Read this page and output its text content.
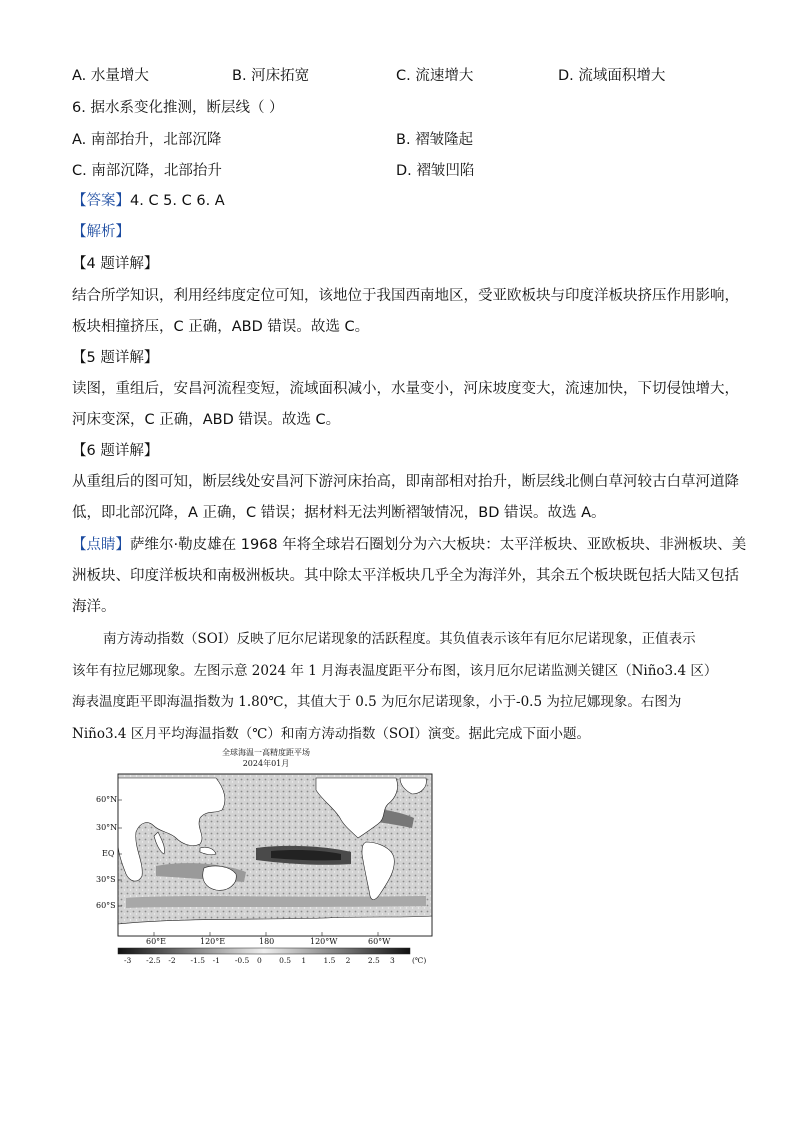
A. 水量增大	B. 河床拓宽	C. 流速增大	D. 流域面积增大
6. 据水系变化推测，断层线（ ）
A. 南部抬升，北部沉降	B. 褶皱隆起
C. 南部沉降，北部抬升	D. 褶皱凹陷
【答案】4. C 5. C 6. A
【解析】
【4 题详解】
结合所学知识，利用经纬度定位可知，该地位于我国西南地区，受亚欧板块与印度洋板块挤压作用影响，
板块相撞挤压，C 正确，ABD 错误。故选 C。
【5 题详解】
读图，重组后，安昌河流程变短，流域面积减小，水量变小，河床坡度变大，流速加快，下切侵蚀增大，
河床变深，C 正确，ABD 错误。故选 C。
【6 题详解】
从重组后的图可知，断层线处安昌河下游河床抬高，即南部相对抬升，断层线北侧白草河较古白草河道降
低，即北部沉降，A 正确，C 错误；据材料无法判断褶皱情况，BD 错误。故选 A。
【点睛】萨维尔·勒皮雄在 1968 年将全球岩石圈划分为六大板块：太平洋板块、亚欧板块、非洲板块、美
洲板块、印度洋板块和南极洲板块。其中除太平洋板块几乎全为海洋外，其余五个板块既包括大陆又包括
海洋。
南方涛动指数（SOI）反映了厄尔尼诺现象的活跃程度。其负值表示该年有厄尔尼诺现象，正值表示
该年有拉尼娜现象。左图示意 2024 年 1 月海表温度距平分布图，该月厄尔尼诺监测关键区（Niño3.4 区）
海表温度距平即海温指数为 1.80℃，其值大于 0.5 为厄尔尼诺现象，小于-0.5 为拉尼娜现象。右图为
Niño3.4 区月平均海温指数（℃）和南方涛动指数（SOI）演变。据此完成下面小题。
全球海温一高精度距平场
2024年01月
60°N
30°N
EQ
30°S
60°S
60°E	120°E	180	120°W	60°W
-3 -2.5 -2 -1.5 -1 -0.5 0 0.5 1 1.5 2 2.5 3 (℃)
